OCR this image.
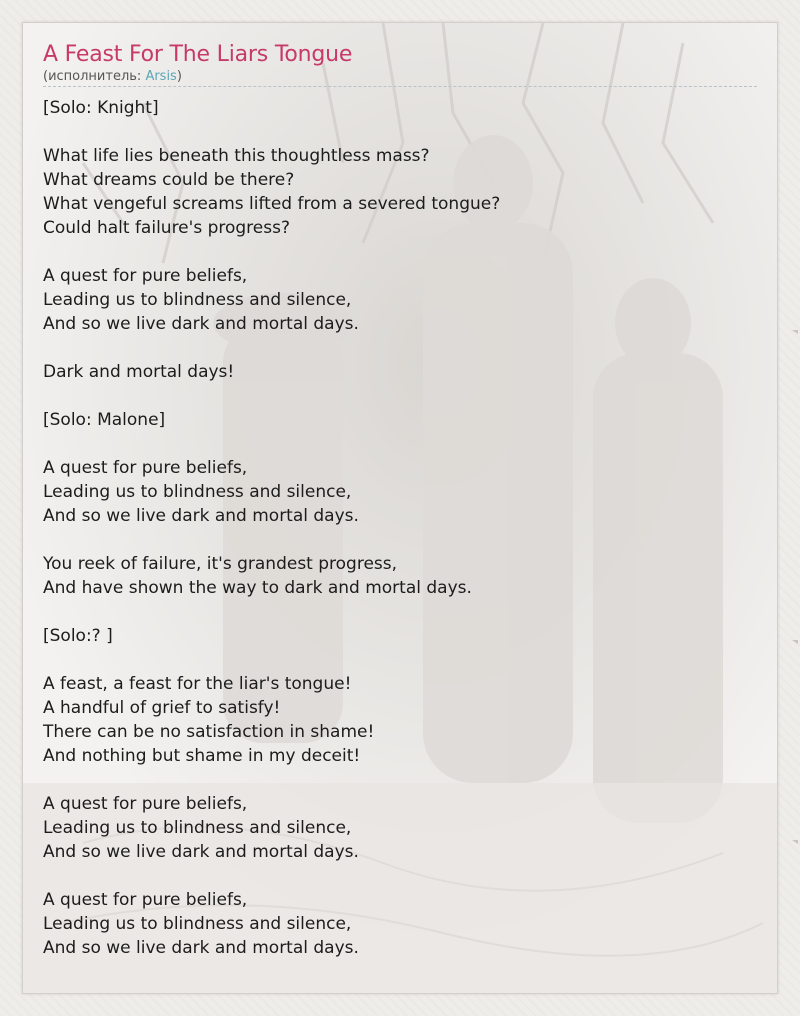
A Feast For The Liars Tongue
(исполнитель: Arsis)
[Solo: Knight]
What life lies beneath this thoughtless mass?
What dreams could be there?
What vengeful screams lifted from a severed tongue?
Could halt failure's progress?
A quest for pure beliefs,
Leading us to blindness and silence,
And so we live dark and mortal days.
Dark and mortal days!
[Solo: Malone]
A quest for pure beliefs,
Leading us to blindness and silence,
And so we live dark and mortal days.
You reek of failure, it's grandest progress,
And have shown the way to dark and mortal days.
[Solo:? ]
A feast, a feast for the liar's tongue!
A handful of grief to satisfy!
There can be no satisfaction in shame!
And nothing but shame in my deceit!
A quest for pure beliefs,
Leading us to blindness and silence,
And so we live dark and mortal days.
A quest for pure beliefs,
Leading us to blindness and silence,
And so we live dark and mortal days.
